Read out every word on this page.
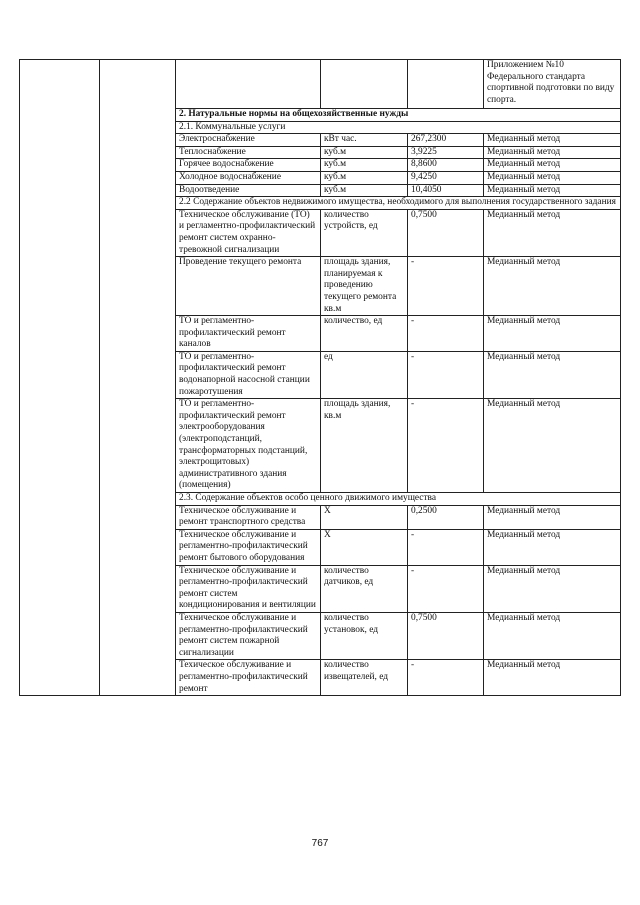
					Приложением №10 Федерального стандарта спортивной подготовки по виду спорта.
		2. Натуральные нормы на общехозяйственные нужды			
		2.1. Коммунальные услуги			
		Электроснабжение	кВт час.	267,2300	Медианный метод
		Теплоснабжение	куб.м	3,9225	Медианный метод
		Горячее водоснабжение	куб.м	8,8600	Медианный метод
		Холодное водоснабжение	куб.м	9,4250	Медианный метод
		Водоотведение	куб.м	10,4050	Медианный метод
		2.2 Содержание объектов недвижимого имущества, необходимого для выполнения государственного задания			
		Техническое обслуживание (ТО) и регламентно-профилактический ремонт систем охранно-тревожной сигнализации	количество устройств, ед	0,7500	Медианный метод
		Проведение текущего ремонта	площадь здания, планируемая к проведению текущего ремонта кв.м	-	Медианный метод
		ТО и регламентно-профилактический ремонт каналов	количество, ед	-	Медианный метод
		ТО и регламентно-профилактический ремонт водонапорной насосной станции пожаротушения	ед	-	Медианный метод
		ТО и регламентно-профилактический ремонт электрооборудования (электроподстанций, трансформаторных подстанций, электрощитовых) административного здания (помещения)	площадь здания, кв.м	-	Медианный метод
		2.3. Содержание объектов особо ценного движимого имущества			
		Техническое обслуживание и ремонт транспортного средства	Х	0,2500	Медианный метод
		Техническое обслуживание и регламентно-профилактический ремонт бытового оборудования	Х	-	Медианный метод
		Техническое обслуживание и регламентно-профилактический ремонт систем кондиционирования и вентиляции	количество датчиков, ед	-	Медианный метод
		Техническое обслуживание и регламентно-профилактический ремонт систем пожарной сигнализации	количество установок, ед	0,7500	Медианный метод
		Техическое обслуживание и регламентно-профилактический ремонт	количество извещателей, ед	-	Медианный метод
767
